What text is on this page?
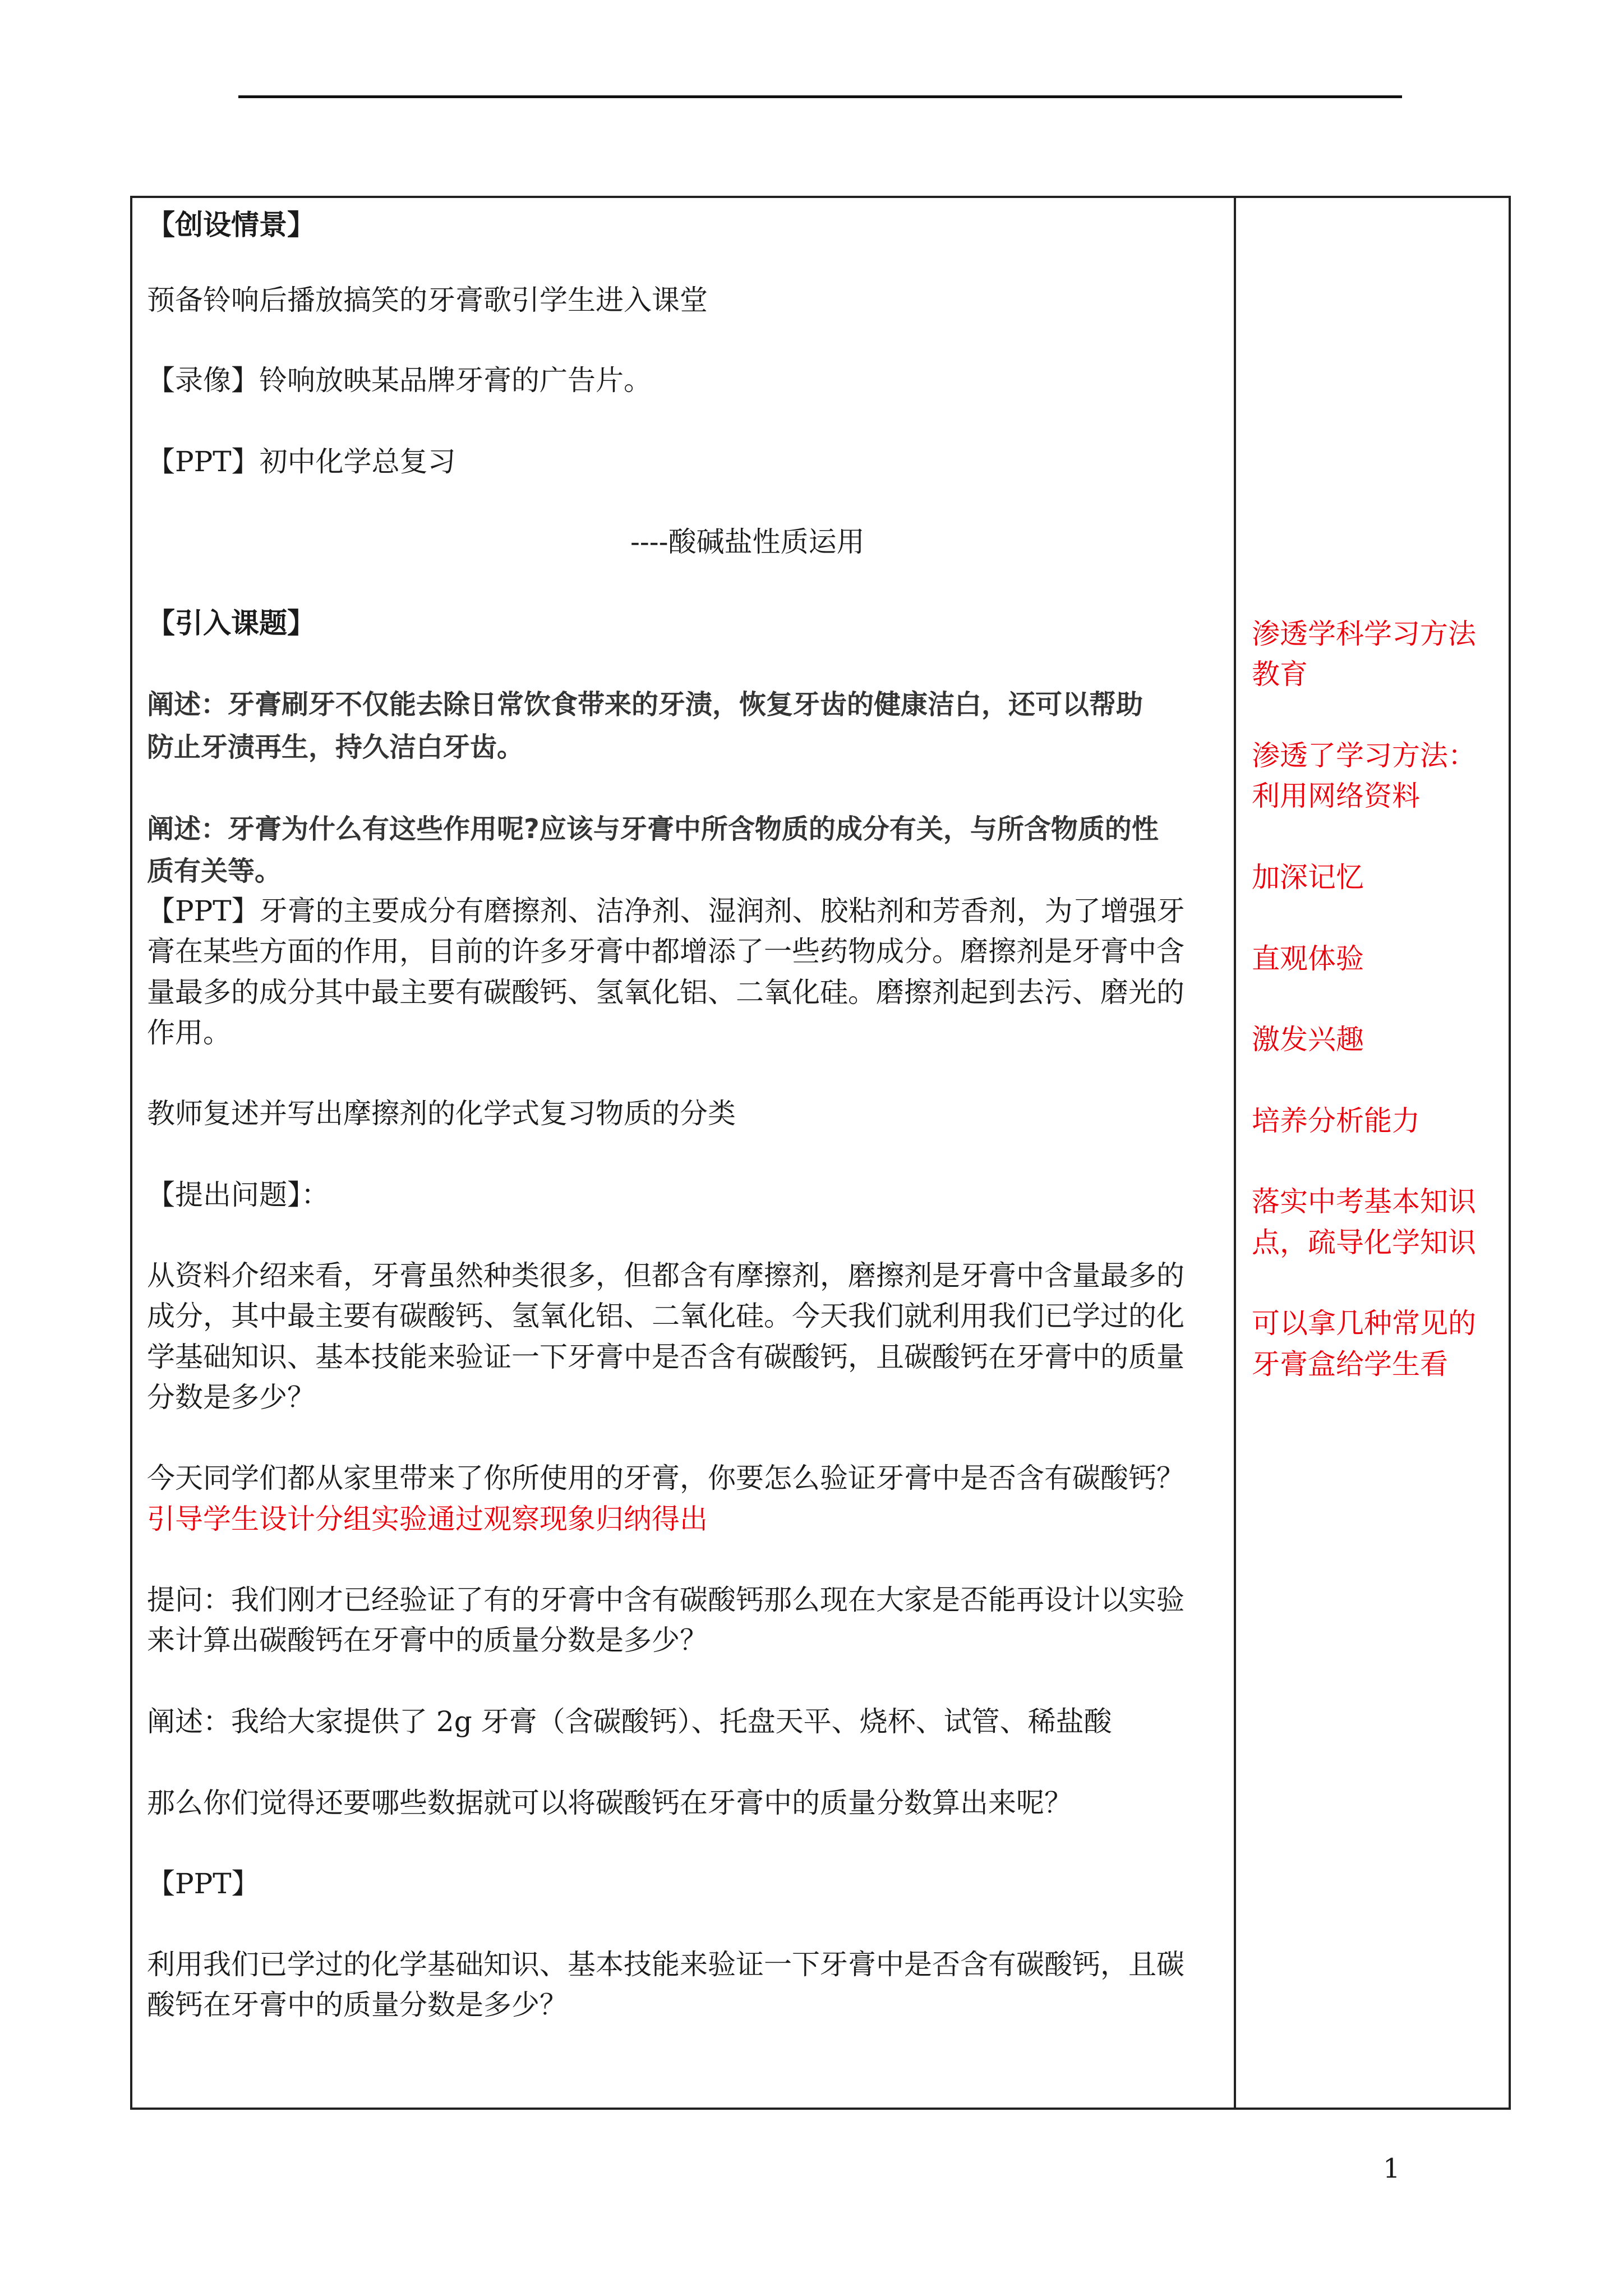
【创设情景】

预备铃响后播放搞笑的牙膏歌引学生进入课堂

【录像】铃响放映某品牌牙膏的广告片。

【PPT】初中化学总复习

----酸碱盐性质运用

【引入课题】

阐述：牙膏刷牙不仅能去除日常饮食带来的牙渍，恢复牙齿的健康洁白，还可以帮助

防止牙渍再生，持久洁白牙齿。

阐述：牙膏为什么有这些作用呢?应该与牙膏中所含物质的成分有关，与所含物质的性

质有关等。

【PPT】牙膏的主要成分有磨擦剂、洁净剂、湿润剂、胶粘剂和芳香剂，为了增强牙

膏在某些方面的作用，目前的许多牙膏中都增添了一些药物成分。磨擦剂是牙膏中含

量最多的成分其中最主要有碳酸钙、氢氧化铝、二氧化硅。磨擦剂起到去污、磨光的

作用。

教师复述并写出摩擦剂的化学式复习物质的分类

【提出问题】：

从资料介绍来看，牙膏虽然种类很多，但都含有摩擦剂，磨擦剂是牙膏中含量最多的

成分，其中最主要有碳酸钙、氢氧化铝、二氧化硅。今天我们就利用我们已学过的化

学基础知识、基本技能来验证一下牙膏中是否含有碳酸钙，且碳酸钙在牙膏中的质量

分数是多少？

今天同学们都从家里带来了你所使用的牙膏，你要怎么验证牙膏中是否含有碳酸钙？

引导学生设计分组实验通过观察现象归纳得出

提问：我们刚才已经验证了有的牙膏中含有碳酸钙那么现在大家是否能再设计以实验

来计算出碳酸钙在牙膏中的质量分数是多少？

阐述：我给大家提供了 2g 牙膏（含碳酸钙）、托盘天平、烧杯、试管、稀盐酸

那么你们觉得还要哪些数据就可以将碳酸钙在牙膏中的质量分数算出来呢？

【PPT】

利用我们已学过的化学基础知识、基本技能来验证一下牙膏中是否含有碳酸钙，且碳

酸钙在牙膏中的质量分数是多少？

渗透学科学习方法

教育

渗透了学习方法：

利用网络资料

加深记忆

直观体验

激发兴趣

培养分析能力

落实中考基本知识

点，疏导化学知识

可以拿几种常见的

牙膏盒给学生看

1
